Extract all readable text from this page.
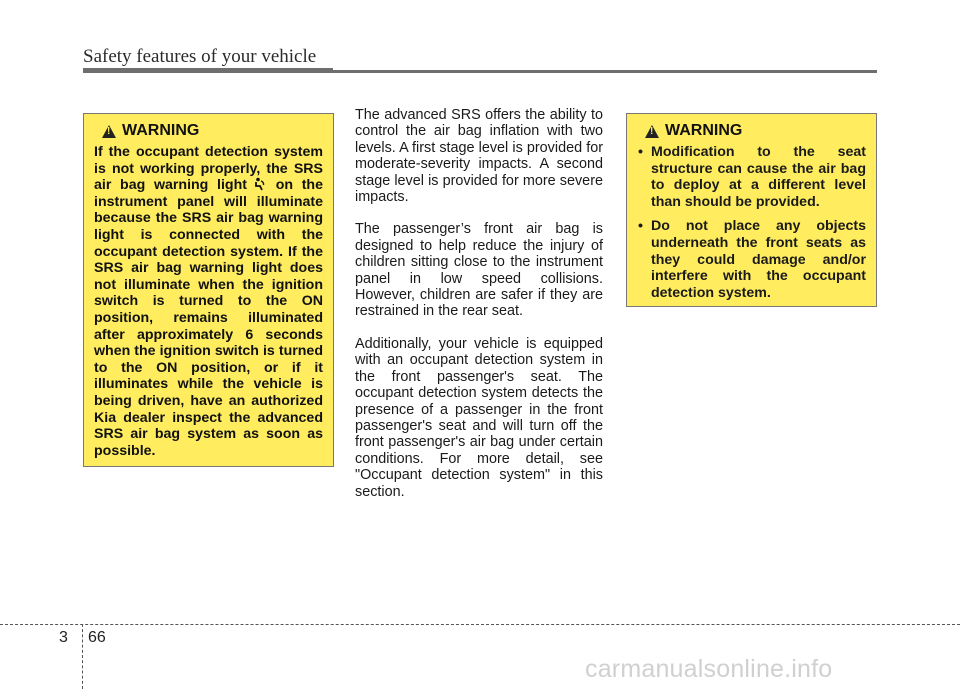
Safety features of your vehicle
!
WARNING
If the occupant detection system is not working properly, the SRS air bag warning light on the instrument panel will illuminate because the SRS air bag warning light is connected with the occupant detection system. If the SRS air bag warning light does not illuminate when the ignition switch is turned to the ON position, remains illuminated after approximately 6 seconds when the ignition switch is turned to the ON position, or if it illuminates while the vehicle is being driven, have an authorized Kia dealer inspect the advanced SRS air bag system as soon as possible.

The advanced SRS offers the ability to control the air bag inflation with two levels. A first stage level is provided for moderate-severity impacts. A second stage level is provided for more severe impacts.

The passenger’s front air bag is designed to help reduce the injury of children sitting close to the instrument panel in low speed collisions. However, children are safer if they are restrained in the rear seat.

Additionally, your vehicle is equipped with an occupant detection system in the front passenger's seat. The occupant detection system detects the presence of a passenger in the front passenger's seat and will turn off the front passenger's air bag under certain conditions. For more detail, see "Occupant detection system" in this section.

!
WARNING
• Modification to the seat structure can cause the air bag to deploy at a different level than should be provided.
• Do not place any objects underneath the front seats as they could damage and/or interfere with the occupant detection system.
3 66
carmanualsonline.info
